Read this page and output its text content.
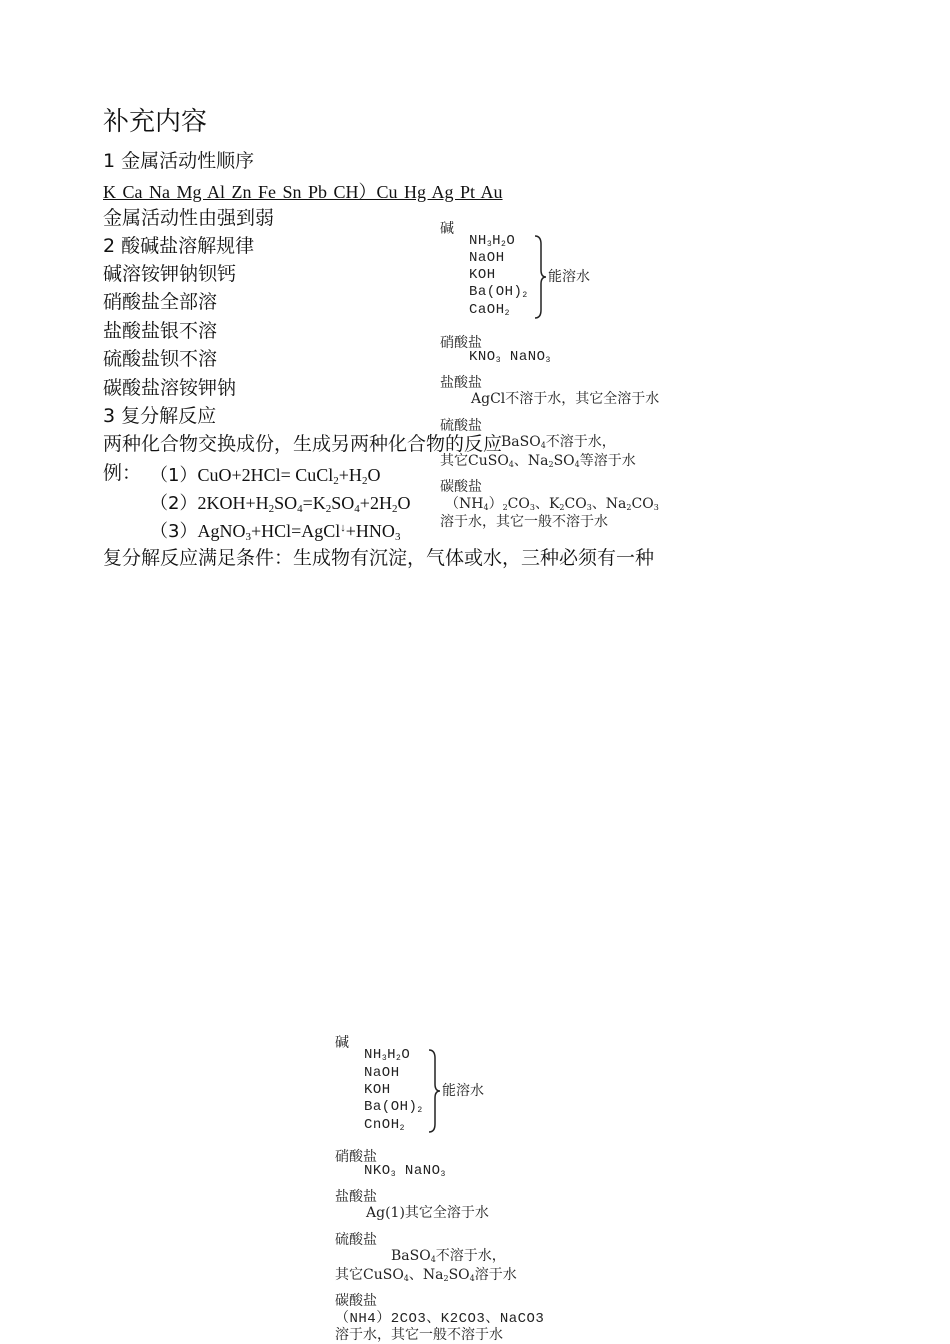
补充内容
1 金属活动性顺序
K Ca Na Mg Al Zn Fe Sn Pb CH）Cu Hg Ag Pt Au
金属活动性由强到弱
2 酸碱盐溶解规律
碱溶铵钾钠钡钙
硝酸盐全部溶
盐酸盐银不溶
硫酸盐钡不溶
碳酸盐溶铵钾钠
3 复分解反应
两种化合物交换成份，生成另两种化合物的反应
例： $(1)CuO+2HCl= CuCl_2+H_2O$
$(2)2KOH+H_2SO_4=K_2SO_4+2H_2O$
$(3)AgNO_3+HCl=AgCl^↓+HNO_3$
复分解反应满足条件：生成物有沉淀，气体或水，三种必须有一种
碱
$NH_3H_2O$
NaOH
KOH
$Ba(OH)_2$
CaOH$_2$
能溶水
硝酸盐
$KNO_3$ NaNO$_3$
盐酸盐
AgCl不溶于水，其它全溶于水
硫酸盐
BaSO$_4$不溶于水，
其它CuSO$_4$、$Na_2SO_4$等溶于水
碳酸盐
$(NH_4)_2CO_3$、$K_2CO_3$、$Na_2CO_3$
溶于水，其它一般不溶于水
碱
$NH_3H_2O$
NaOH
KOH
$Ba(OH)_2$
CnOH$_2$
能溶水
硝酸盐
$NKO_3$ NaNO$_3$
盐酸盐
Ag(1)其它全溶于水
硫酸盐
BaSO$_4$不溶于水，
其它CuSO$_4$、$Na_2SO_4$溶于水
碳酸盐
（NH4）2CO3、K2CO3、NaCO3
溶于水，其它一般不溶于水
